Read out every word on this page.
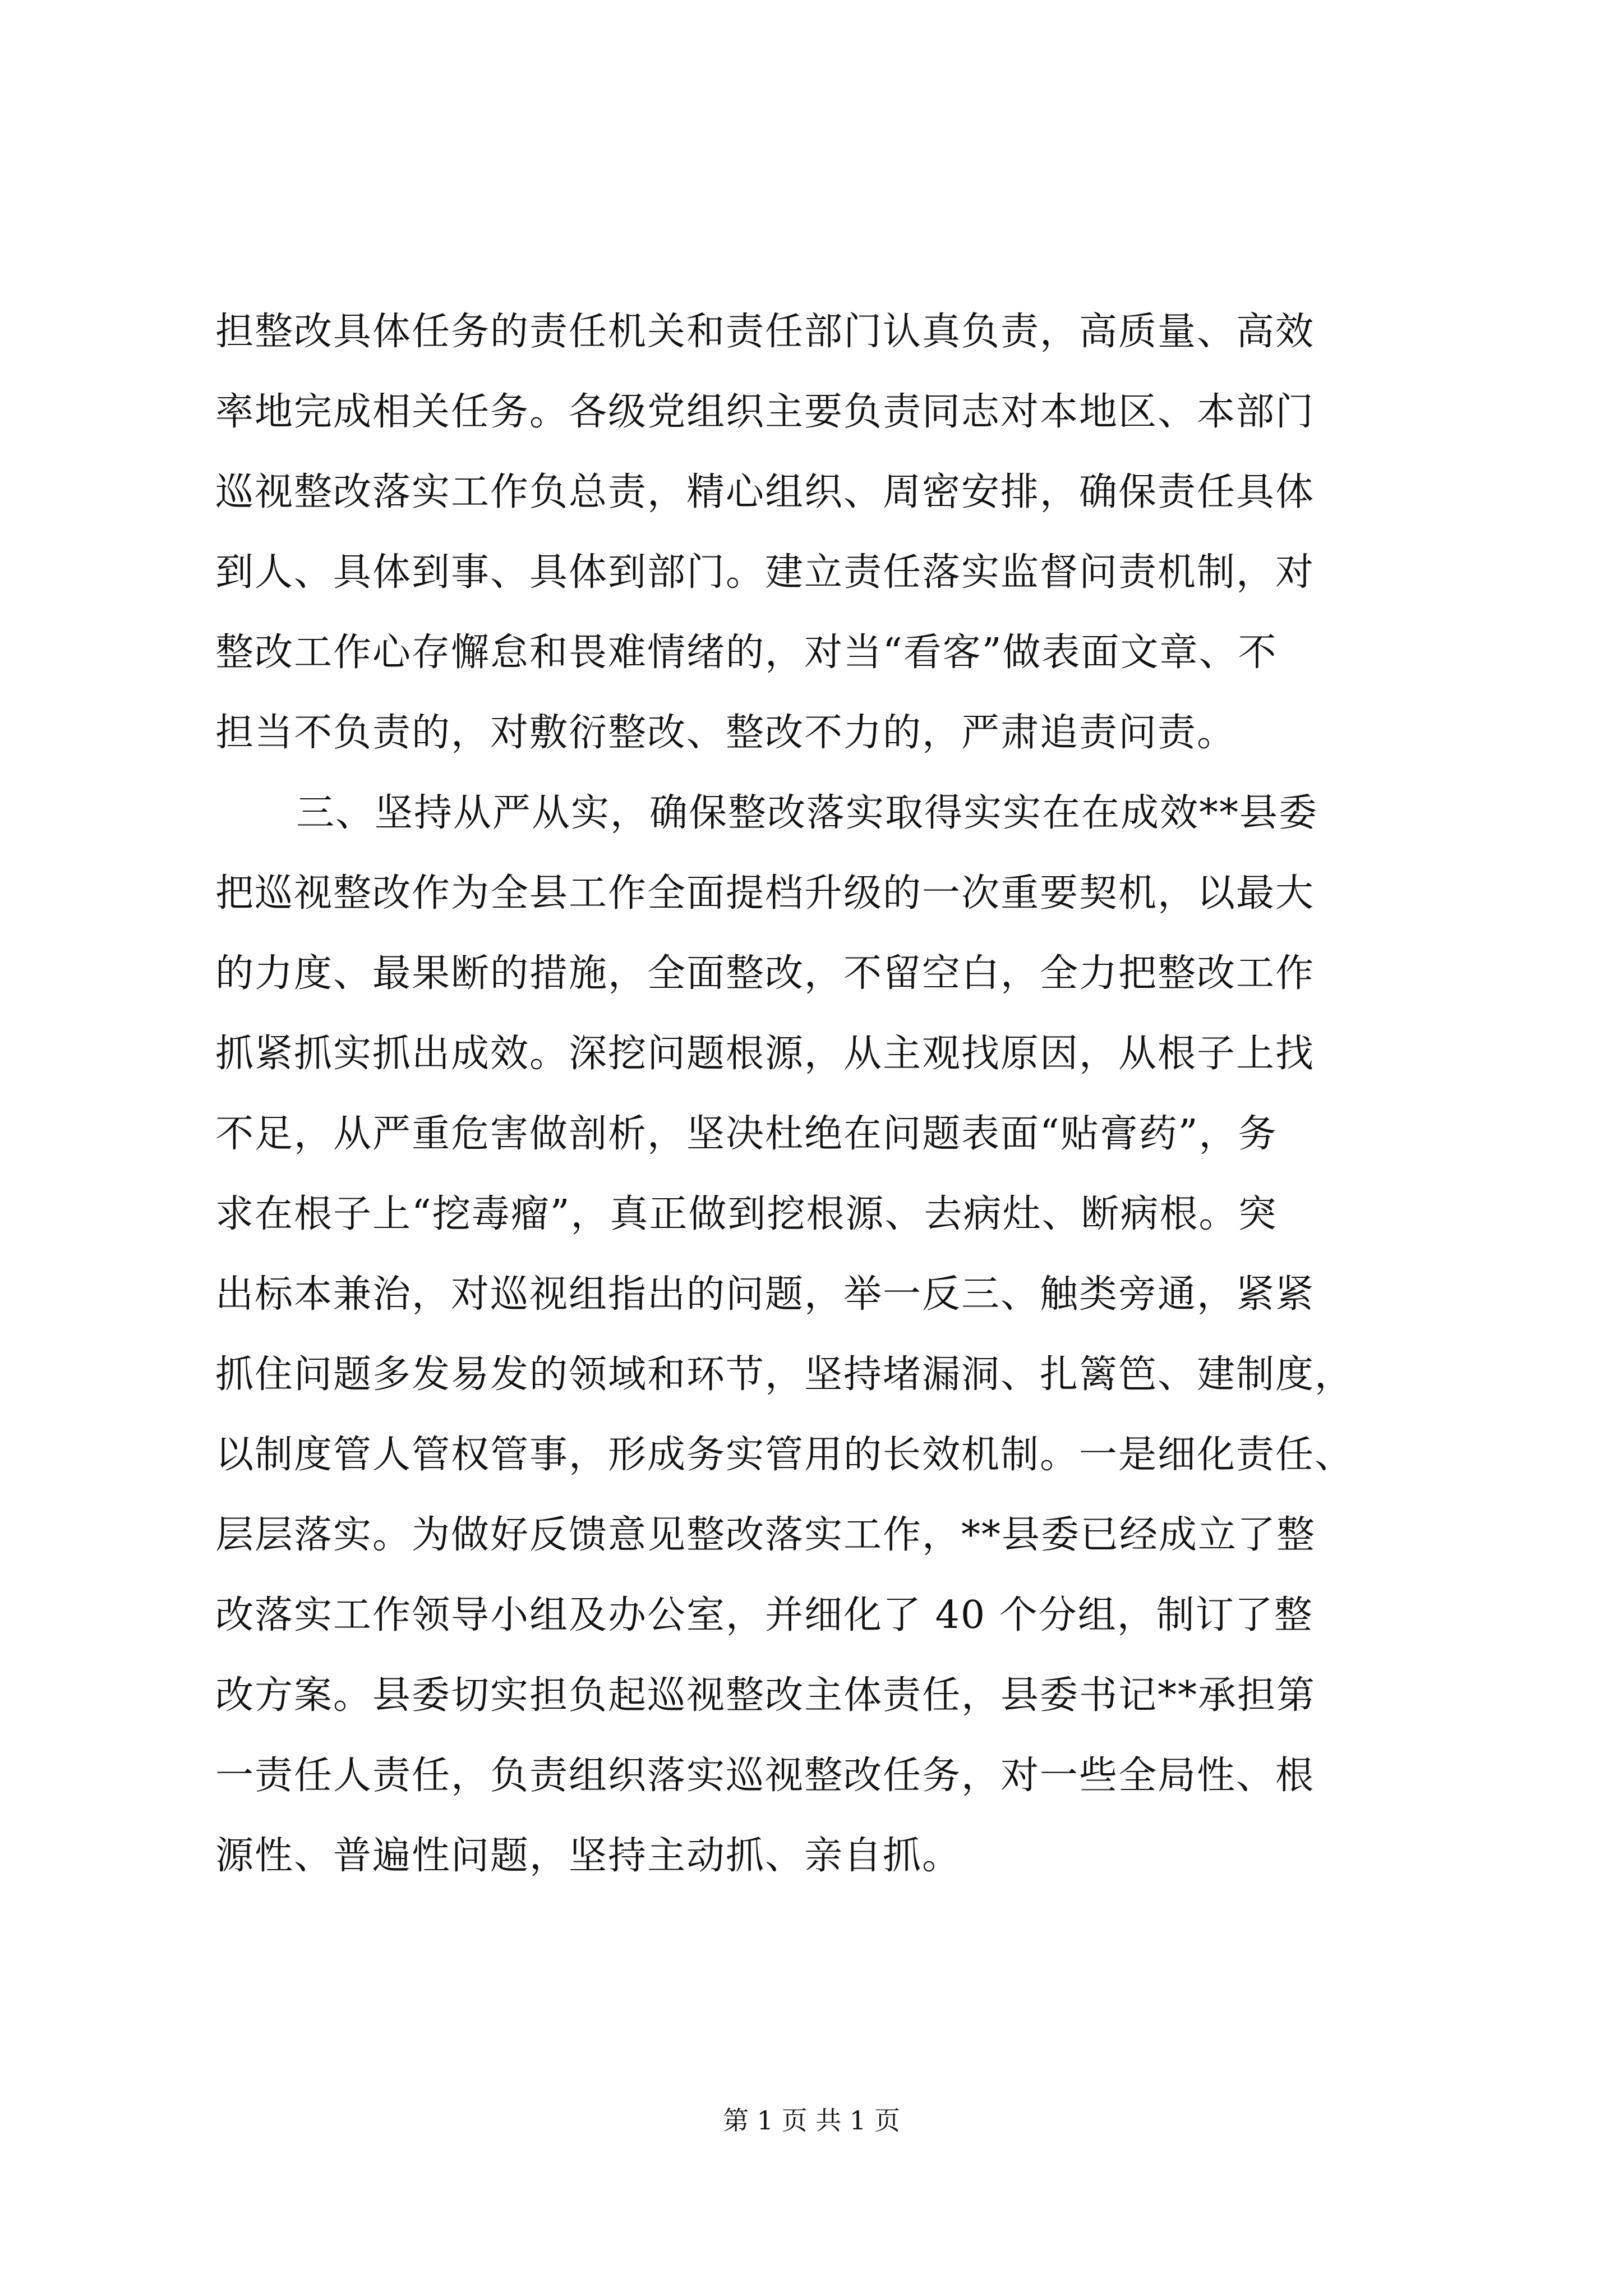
担整改具体任务的责任机关和责任部门认真负责，高质量、高效
率地完成相关任务。各级党组织主要负责同志对本地区、本部门
巡视整改落实工作负总责，精心组织、周密安排，确保责任具体
到人、具体到事、具体到部门。建立责任落实监督问责机制，对
整改工作心存懈怠和畏难情绪的，对当“看客”做表面文章、不
担当不负责的，对敷衍整改、整改不力的，严肃追责问责。
三、坚持从严从实，确保整改落实取得实实在在成效**县委
把巡视整改作为全县工作全面提档升级的一次重要契机，以最大
的力度、最果断的措施，全面整改，不留空白，全力把整改工作
抓紧抓实抓出成效。深挖问题根源，从主观找原因，从根子上找
不足，从严重危害做剖析，坚决杜绝在问题表面“贴膏药”，务
求在根子上“挖毒瘤”，真正做到挖根源、去病灶、断病根。突
出标本兼治，对巡视组指出的问题，举一反三、触类旁通，紧紧
抓住问题多发易发的领域和环节，坚持堵漏洞、扎篱笆、建制度，
以制度管人管权管事，形成务实管用的长效机制。一是细化责任、
层层落实。为做好反馈意见整改落实工作，**县委已经成立了整
改落实工作领导小组及办公室，并细化了 40 个分组，制订了整
改方案。县委切实担负起巡视整改主体责任，县委书记**承担第
一责任人责任，负责组织落实巡视整改任务，对一些全局性、根
源性、普遍性问题，坚持主动抓、亲自抓。
第 1 页 共 1 页
